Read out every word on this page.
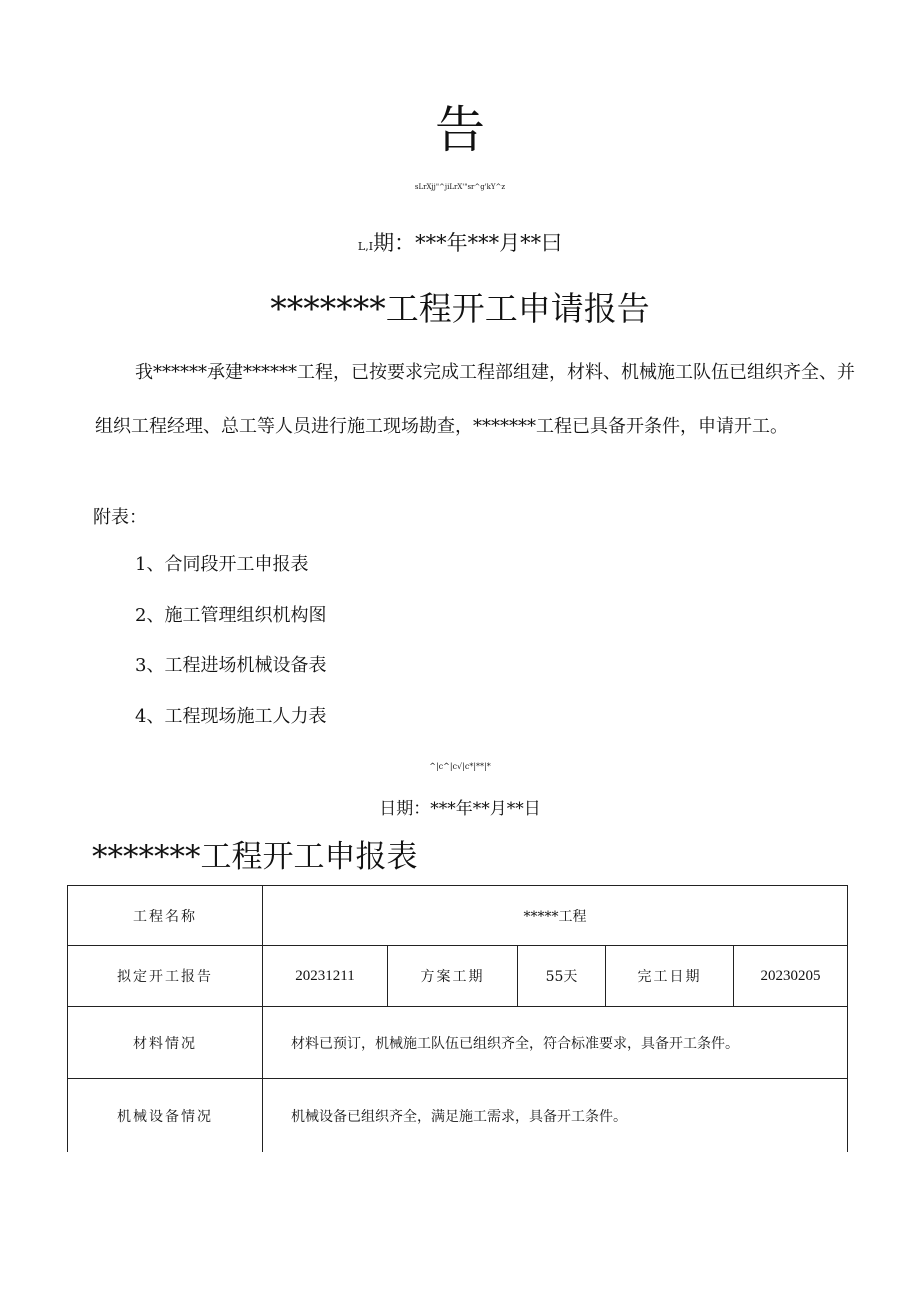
告
sLrXjj"^jiLrX'"sr^g'kY^z
L,I期：***年***月**曰
*******工程开工申请报告
我******承建******工程，已按要求完成工程部组建，材料、机械施工队伍已组织齐全、并组织工程经理、总工等人员进行施工现场勘查，*******工程已具备开条件，申请开工。
附表：
1、合同段开工申报表
2、施工管理组织机构图
3、工程进场机械设备表
4、工程现场施工人力表
^|c^|c√|c*|**|*
日期：***年**月**日
*******工程开工申报表
工程名称	*****工程				
拟定开工报告	20231211	方案工期	55天	完工日期	20230205
材料情况	材料已预订，机械施工队伍已组织齐全，符合标准要求，具备开工条件。				
机械设备情况	机械设备已组织齐全，满足施工需求，具备开工条件。				
